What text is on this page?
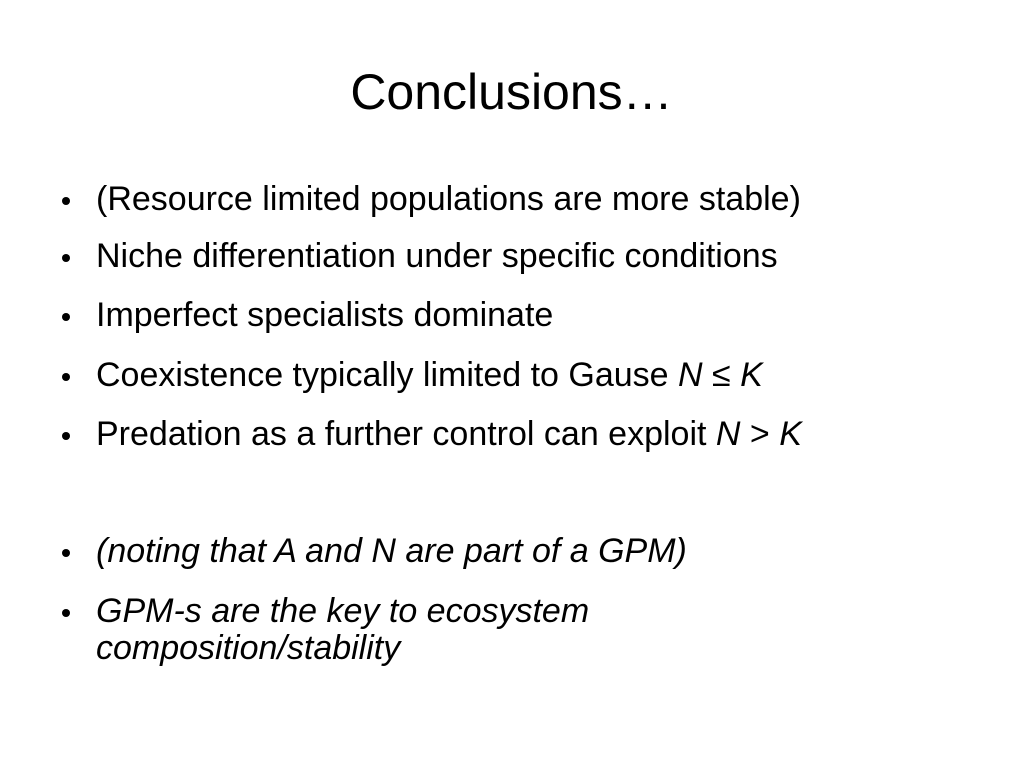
Conclusions…
(Resource limited populations are more stable)
Niche differentiation under specific conditions
Imperfect specialists dominate
Coexistence typically limited to Gause N ≤ K
Predation as a further control can exploit N > K
(noting that A and N are part of a GPM)
GPM-s are the key to ecosystem
composition/stability
